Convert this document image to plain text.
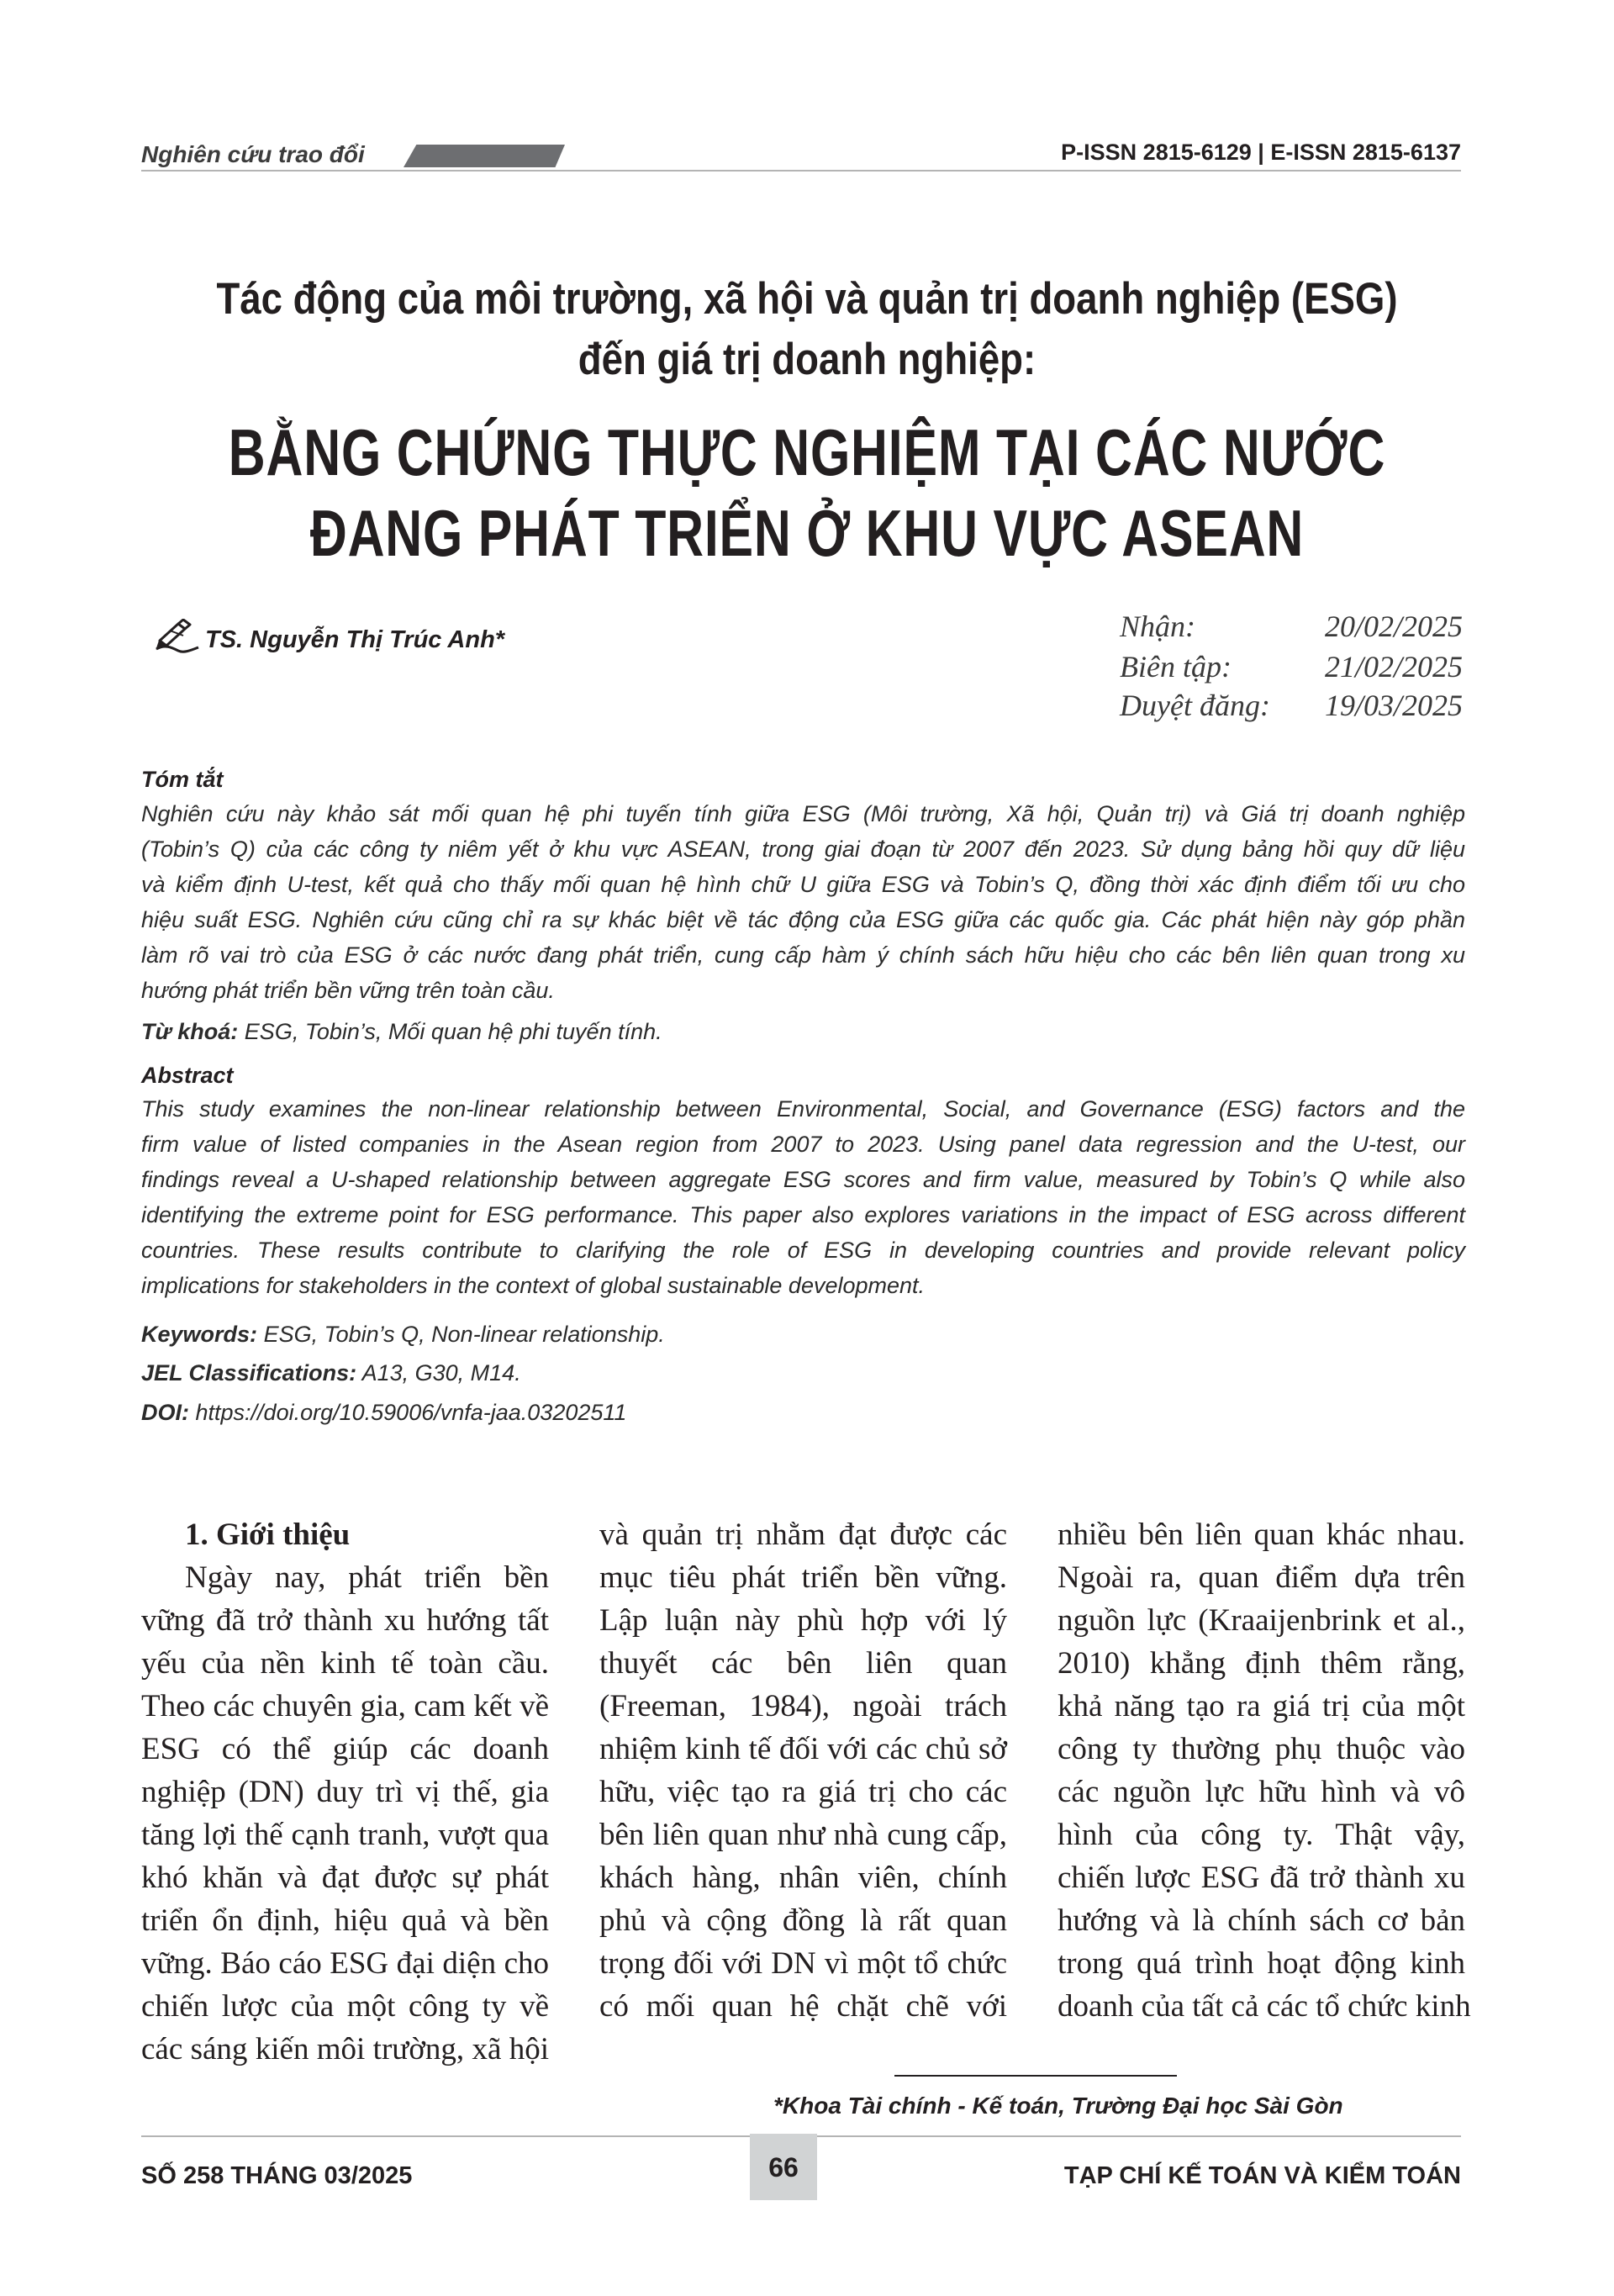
Nghiên cứu trao đổi	P-ISSN 2815-6129 | E-ISSN 2815-6137
Tác động của môi trường, xã hội và quản trị doanh nghiệp (ESG)
đến giá trị doanh nghiệp:
BẰNG CHỨNG THỰC NGHIỆM TẠI CÁC NƯỚC
ĐANG PHÁT TRIỂN Ở KHU VỰC ASEAN
TS. Nguyễn Thị Trúc Anh*	Nhận:	20/02/2025
Biên tập:	21/02/2025
Duyệt đăng: 19/03/2025
Tóm tắt
Nghiên cứu này khảo sát mối quan hệ phi tuyến tính giữa ESG (Môi trường, Xã hội, Quản trị) và Giá trị doanh nghiệp
(Tobin’s Q) của các công ty niêm yết ở khu vực ASEAN, trong giai đoạn từ 2007 đến 2023. Sử dụng bảng hồi quy dữ liệu
và kiểm định U-test, kết quả cho thấy mối quan hệ hình chữ U giữa ESG và Tobin’s Q, đồng thời xác định điểm tối ưu cho
hiệu suất ESG. Nghiên cứu cũng chỉ ra sự khác biệt về tác động của ESG giữa các quốc gia. Các phát hiện này góp phần
làm rõ vai trò của ESG ở các nước đang phát triển, cung cấp hàm ý chính sách hữu hiệu cho các bên liên quan trong xu
hướng phát triển bền vững trên toàn cầu.
Từ khoá: ESG, Tobin’s, Mối quan hệ phi tuyến tính.
Abstract
This study examines the non-linear relationship between Environmental, Social, and Governance (ESG) factors and the
firm value of listed companies in the Asean region from 2007 to 2023. Using panel data regression and the U-test, our
findings reveal a U-shaped relationship between aggregate ESG scores and firm value, measured by Tobin’s Q while also
identifying the extreme point for ESG performance. This paper also explores variations in the impact of ESG across different
countries. These results contribute to clarifying the role of ESG in developing countries and provide relevant policy
implications for stakeholders in the context of global sustainable development.
Keywords: ESG, Tobin’s Q, Non-linear relationship.
JEL Classifications: A13, G30, M14.
DOI: https://doi.org/10.59006/vnfa-jaa.03202511
1. Giới thiệu
Ngày nay, phát triển bền
vững đã trở thành xu hướng tất
yếu của nền kinh tế toàn cầu.
Theo các chuyên gia, cam kết về
ESG có thể giúp các doanh
nghiệp (DN) duy trì vị thế, gia
tăng lợi thế cạnh tranh, vượt qua
khó khăn và đạt được sự phát
triển ổn định, hiệu quả và bền
vững. Báo cáo ESG đại diện cho
chiến lược của một công ty về
các sáng kiến môi trường, xã hội
và quản trị nhằm đạt được các
mục tiêu phát triển bền vững.
Lập luận này phù hợp với lý
thuyết các bên liên quan
(Freeman, 1984), ngoài trách
nhiệm kinh tế đối với các chủ sở
hữu, việc tạo ra giá trị cho các
bên liên quan như nhà cung cấp,
khách hàng, nhân viên, chính
phủ và cộng đồng là rất quan
trọng đối với DN vì một tổ chức
có mối quan hệ chặt chẽ với
nhiều bên liên quan khác nhau.
Ngoài ra, quan điểm dựa trên
nguồn lực (Kraaijenbrink et al.,
2010) khẳng định thêm rằng,
khả năng tạo ra giá trị của một
công ty thường phụ thuộc vào
các nguồn lực hữu hình và vô
hình của công ty. Thật vậy,
chiến lược ESG đã trở thành xu
hướng và là chính sách cơ bản
trong quá trình hoạt động kinh
doanh của tất cả các tổ chức kinh
*Khoa Tài chính - Kế toán, Trường Đại học Sài Gòn
SỐ 258 THÁNG 03/2025	66	TẠP CHÍ KẾ TOÁN VÀ KIỂM TOÁN
